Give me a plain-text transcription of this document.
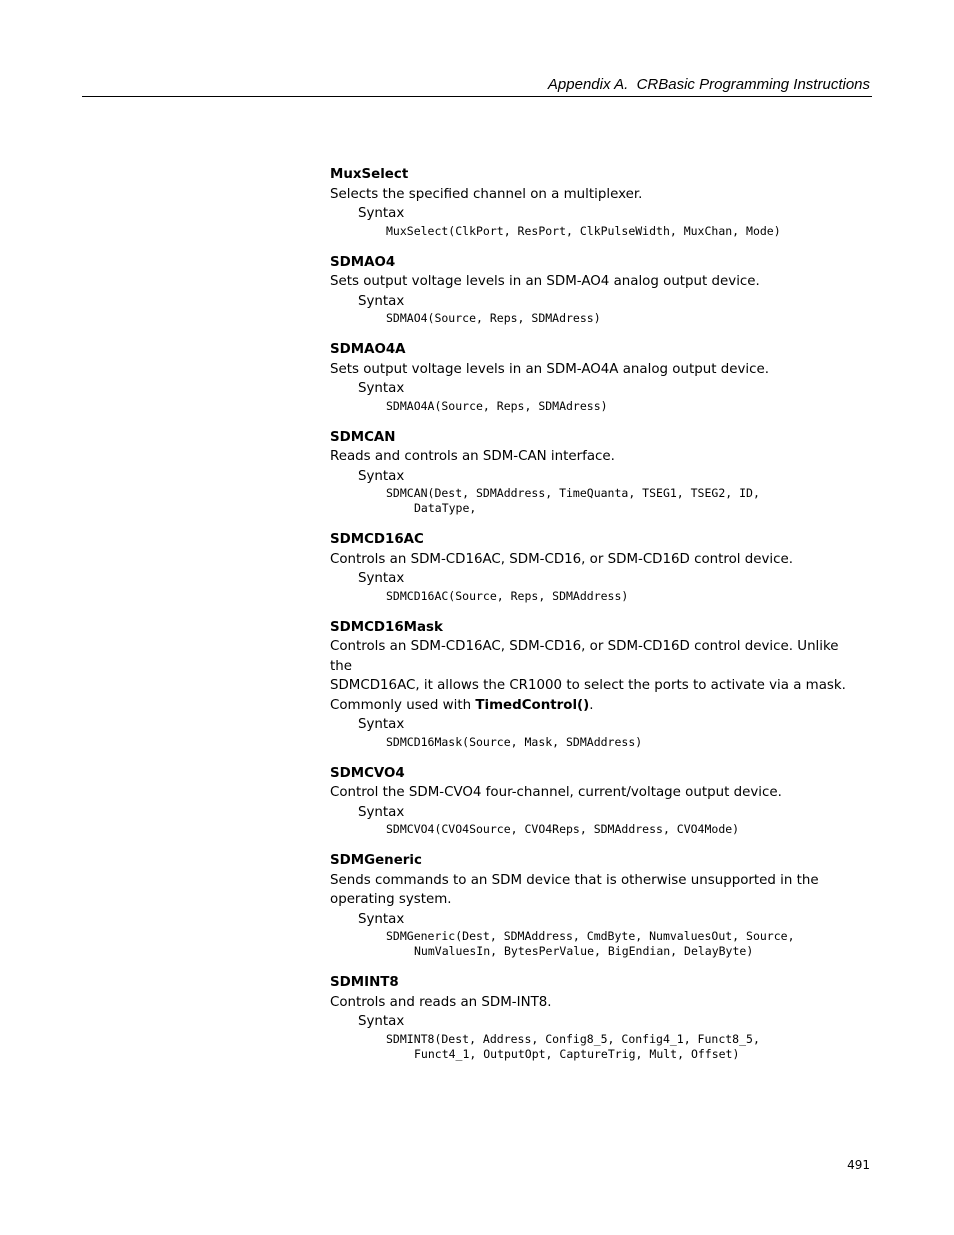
Appendix A.  CRBasic Programming Instructions
MuxSelect
Selects the specified channel on a multiplexer.
Syntax
MuxSelect(ClkPort, ResPort, ClkPulseWidth, MuxChan, Mode)
SDMAO4
Sets output voltage levels in an SDM-AO4 analog output device.
Syntax
SDMAO4(Source, Reps, SDMAdress)
SDMAO4A
Sets output voltage levels in an SDM-AO4A analog output device.
Syntax
SDMAO4A(Source, Reps, SDMAdress)
SDMCAN
Reads and controls an SDM-CAN interface.
Syntax
SDMCAN(Dest, SDMAddress, TimeQuanta, TSEG1, TSEG2, ID,
DataType,
SDMCD16AC
Controls an SDM-CD16AC, SDM-CD16, or SDM-CD16D control device.
Syntax
SDMCD16AC(Source, Reps, SDMAddress)
SDMCD16Mask
Controls an SDM-CD16AC, SDM-CD16, or SDM-CD16D control device. Unlike the
SDMCD16AC, it allows the CR1000 to select the ports to activate via a mask.
Commonly used with TimedControl().
Syntax
SDMCD16Mask(Source, Mask, SDMAddress)
SDMCVO4
Control the SDM-CVO4 four-channel, current/voltage output device.
Syntax
SDMCVO4(CVO4Source, CVO4Reps, SDMAddress, CVO4Mode)
SDMGeneric
Sends commands to an SDM device that is otherwise unsupported in the
operating system.
Syntax
SDMGeneric(Dest, SDMAddress, CmdByte, NumvaluesOut, Source,
NumValuesIn, BytesPerValue, BigEndian, DelayByte)
SDMINT8
Controls and reads an SDM-INT8.
Syntax
SDMINT8(Dest, Address, Config8_5, Config4_1, Funct8_5,
Funct4_1, OutputOpt, CaptureTrig, Mult, Offset)
491
